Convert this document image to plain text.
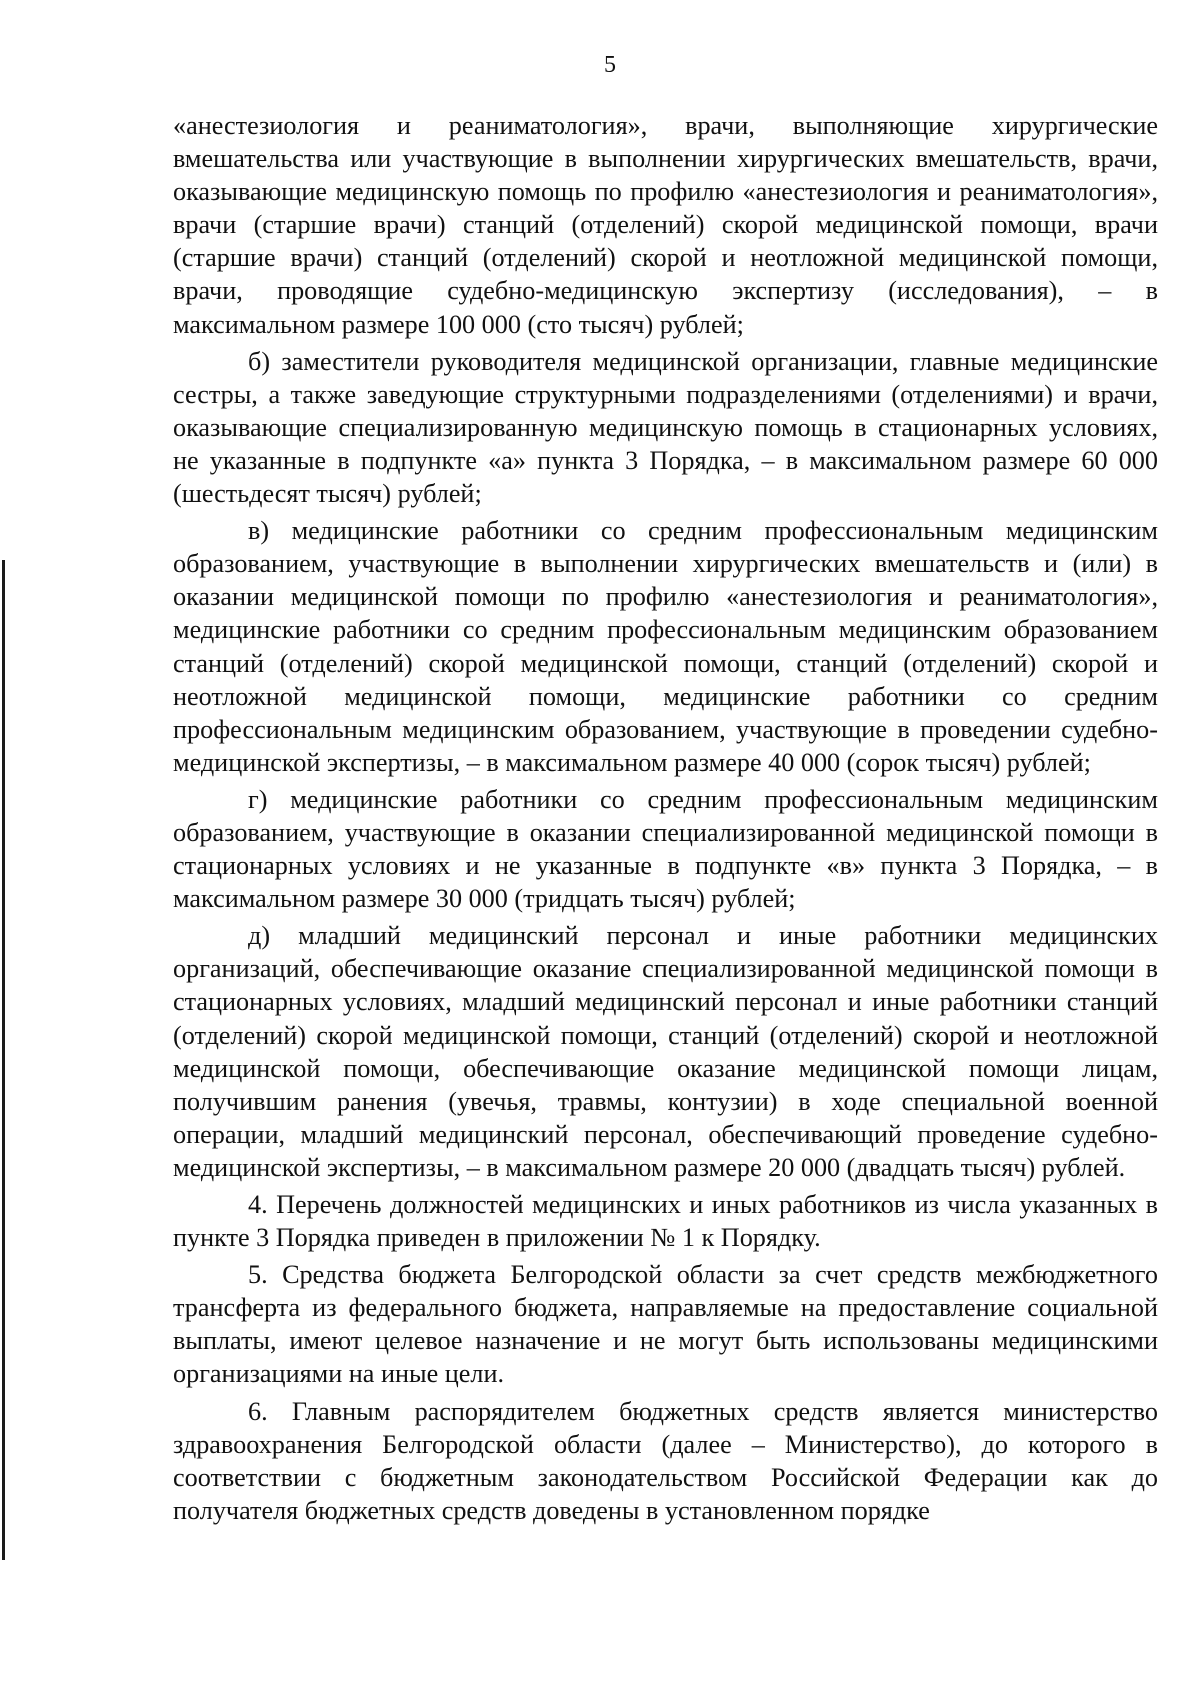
5

«анестезиология и реаниматология», врачи, выполняющие хирургические вмешательства или участвующие в выполнении хирургических вмешательств, врачи, оказывающие медицинскую помощь по профилю «анестезиология и реаниматология», врачи (старшие врачи) станций (отделений) скорой медицинской помощи, врачи (старшие врачи) станций (отделений) скорой и неотложной медицинской помощи, врачи, проводящие судебно-медицинскую экспертизу (исследования), – в максимальном размере 100 000 (сто тысяч) рублей;

б) заместители руководителя медицинской организации, главные медицинские сестры, а также заведующие структурными подразделениями (отделениями) и врачи, оказывающие специализированную медицинскую помощь в стационарных условиях, не указанные в подпункте «а» пункта 3 Порядка, – в максимальном размере 60 000 (шестьдесят тысяч) рублей;

в) медицинские работники со средним профессиональным медицинским образованием, участвующие в выполнении хирургических вмешательств и (или) в оказании медицинской помощи по профилю «анестезиология и реаниматология», медицинские работники со средним профессиональным медицинским образованием станций (отделений) скорой медицинской помощи, станций (отделений) скорой и неотложной медицинской помощи, медицинские работники со средним профессиональным медицинским образованием, участвующие в проведении судебно-медицинской экспертизы, – в максимальном размере 40 000 (сорок тысяч) рублей;

г) медицинские работники со средним профессиональным медицинским образованием, участвующие в оказании специализированной медицинской помощи в стационарных условиях и не указанные в подпункте «в» пункта 3 Порядка, – в максимальном размере 30 000 (тридцать тысяч) рублей;

д) младший медицинский персонал и иные работники медицинских организаций, обеспечивающие оказание специализированной медицинской помощи в стационарных условиях, младший медицинский персонал и иные работники станций (отделений) скорой медицинской помощи, станций (отделений) скорой и неотложной медицинской помощи, обеспечивающие оказание медицинской помощи лицам, получившим ранения (увечья, травмы, контузии) в ходе специальной военной операции, младший медицинский персонал, обеспечивающий проведение судебно-медицинской экспертизы, – в максимальном размере 20 000 (двадцать тысяч) рублей.

4. Перечень должностей медицинских и иных работников из числа указанных в пункте 3 Порядка приведен в приложении № 1 к Порядку.

5. Средства бюджета Белгородской области за счет средств межбюджетного трансферта из федерального бюджета, направляемые на предоставление социальной выплаты, имеют целевое назначение и не могут быть использованы медицинскими организациями на иные цели.

6. Главным распорядителем бюджетных средств является министерство здравоохранения Белгородской области (далее – Министерство), до которого в соответствии с бюджетным законодательством Российской Федерации как до получателя бюджетных средств доведены в установленном порядке
